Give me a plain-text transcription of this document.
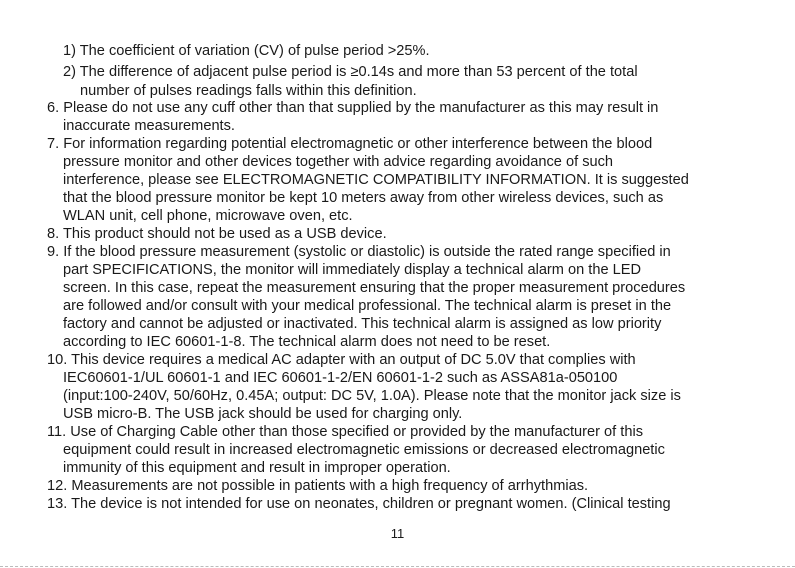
1) The coefficient of variation (CV) of pulse period >25%.
2) The difference of adjacent pulse period is ≥0.14s and more than 53 percent of the total
number of pulses readings falls within this definition.
6. Please do not use any cuff other than that supplied by the manufacturer as this may result in
inaccurate measurements.
7. For information regarding potential electromagnetic or other interference between the blood
pressure monitor and other devices together with advice regarding avoidance of such
interference, please see ELECTROMAGNETIC COMPATIBILITY INFORMATION. It is suggested
that the blood pressure monitor be kept 10 meters away from other wireless devices, such as
WLAN unit, cell phone, microwave oven, etc.
8. This product should not be used as a USB device.
9. If the blood pressure measurement (systolic or diastolic) is outside the rated range specified in
part SPECIFICATIONS, the monitor will immediately display a technical alarm on the LED
screen. In this case, repeat the measurement ensuring that the proper measurement procedures
are followed and/or consult with your medical professional. The technical alarm is preset in the
factory and cannot be adjusted or inactivated. This technical alarm is assigned as low priority
according to IEC 60601-1-8. The technical alarm does not need to be reset.
10. This device requires a medical AC adapter with an output of DC 5.0V that complies with
IEC60601-1/UL 60601-1 and IEC 60601-1-2/EN 60601-1-2 such as ASSA81a-050100
(input:100-240V, 50/60Hz, 0.45A; output: DC 5V, 1.0A). Please note that the monitor jack size is
USB micro-B. The USB jack should be used for charging only.
11. Use of Charging Cable other than those specified or provided by the manufacturer of this
equipment could result in increased electromagnetic emissions or decreased electromagnetic
immunity of this equipment and result in improper operation.
12. Measurements are not possible in patients with a high frequency of arrhythmias.
13. The device is not intended for use on neonates, children or pregnant women. (Clinical testing
11
